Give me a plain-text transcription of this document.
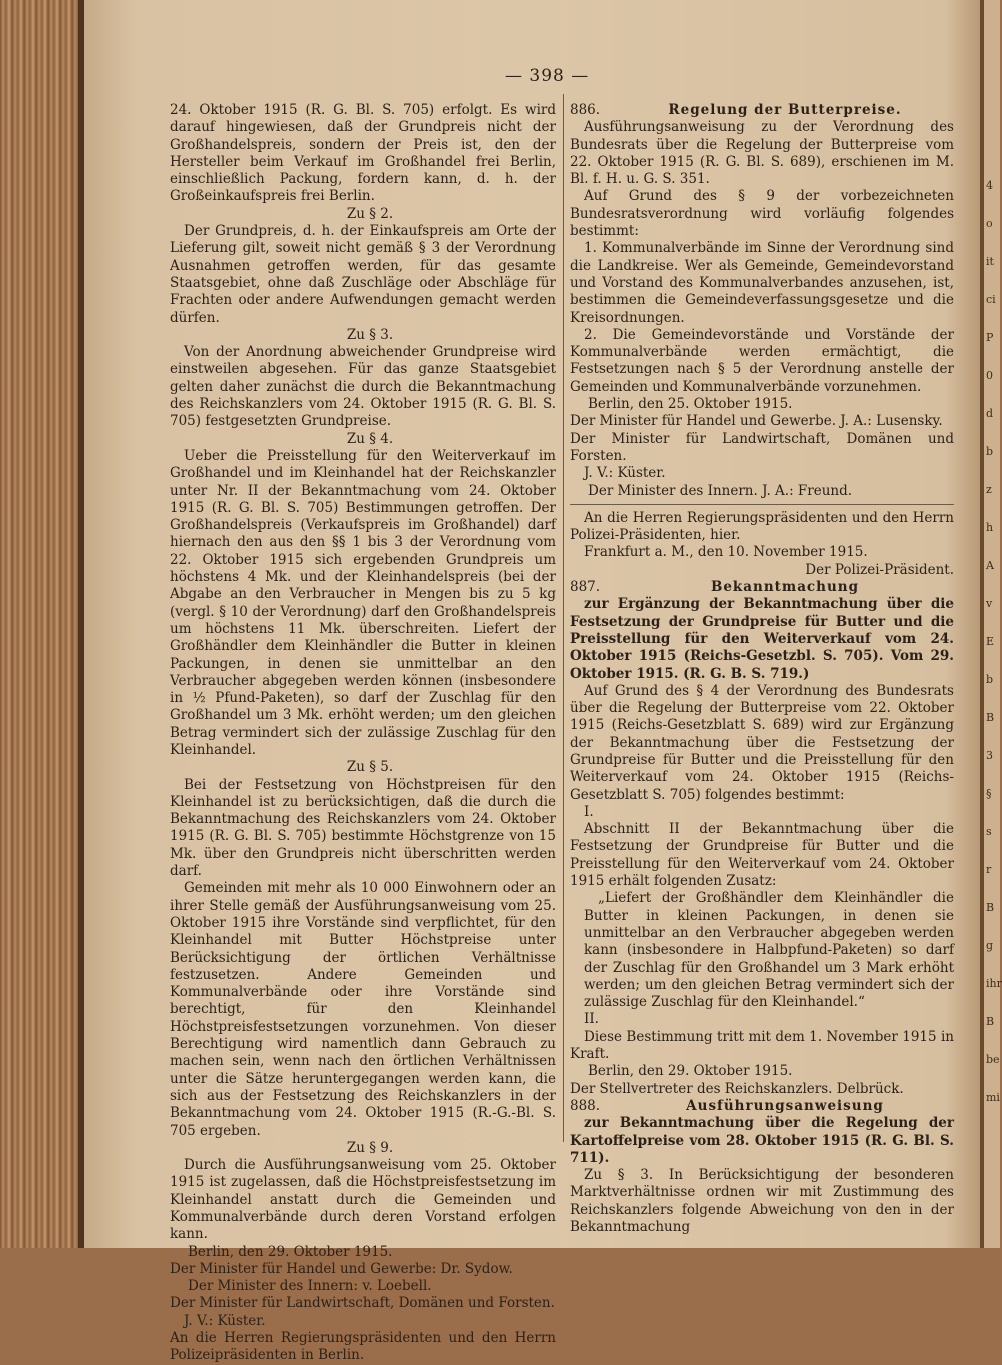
4
o
it
ci
P
0
d
b
z
h
A
v
E
b
B
3
§
s
r
B
g
ihr
B
be
mi
— 398 —

24. Oktober 1915 (R. G. Bl. S. 705) erfolgt. Es wird darauf hingewiesen, daß der Grundpreis nicht der Großhandelspreis, sondern der Preis ist, den der Hersteller beim Verkauf im Großhandel frei Berlin, einschließlich Packung, fordern kann, d. h. der Großeinkaufspreis frei Berlin.

Zu § 2.

Der Grundpreis, d. h. der Einkaufspreis am Orte der Lieferung gilt, soweit nicht gemäß § 3 der Verordnung Ausnahmen getroffen werden, für das gesamte Staatsgebiet, ohne daß Zuschläge oder Abschläge für Frachten oder andere Aufwendungen gemacht werden dürfen.

Zu § 3.

Von der Anordnung abweichender Grundpreise wird einstweilen abgesehen. Für das ganze Staatsgebiet gelten daher zunächst die durch die Bekanntmachung des Reichskanzlers vom 24. Oktober 1915 (R. G. Bl. S. 705) festgesetzten Grundpreise.

Zu § 4.

Ueber die Preisstellung für den Weiterverkauf im Großhandel und im Kleinhandel hat der Reichskanzler unter Nr. II der Bekanntmachung vom 24. Oktober 1915 (R. G. Bl. S. 705) Bestimmungen getroffen. Der Großhandelspreis (Verkaufspreis im Großhandel) darf hiernach den aus den §§ 1 bis 3 der Verordnung vom 22. Oktober 1915 sich ergebenden Grundpreis um höchstens 4 Mk. und der Kleinhandelspreis (bei der Abgabe an den Verbraucher in Mengen bis zu 5 kg (vergl. § 10 der Verordnung) darf den Großhandelspreis um höchstens 11 Mk. überschreiten. Liefert der Großhändler dem Kleinhändler die Butter in kleinen Packungen, in denen sie unmittelbar an den Verbraucher abgegeben werden können (insbesondere in ½ Pfund-Paketen), so darf der Zuschlag für den Großhandel um 3 Mk. erhöht werden; um den gleichen Betrag vermindert sich der zulässige Zuschlag für den Kleinhandel.

Zu § 5.

Bei der Festsetzung von Höchstpreisen für den Kleinhandel ist zu berücksichtigen, daß die durch die Bekanntmachung des Reichskanzlers vom 24. Oktober 1915 (R. G. Bl. S. 705) bestimmte Höchstgrenze von 15 Mk. über den Grundpreis nicht überschritten werden darf.

Gemeinden mit mehr als 10 000 Einwohnern oder an ihrer Stelle gemäß der Ausführungsanweisung vom 25. Oktober 1915 ihre Vorstände sind verpflichtet, für den Kleinhandel mit Butter Höchstpreise unter Berücksichtigung der örtlichen Verhältnisse festzusetzen. Andere Gemeinden und Kommunalverbände oder ihre Vorstände sind berechtigt, für den Kleinhandel Höchstpreisfestsetzungen vorzunehmen. Von dieser Berechtigung wird namentlich dann Gebrauch zu machen sein, wenn nach den örtlichen Verhältnissen unter die Sätze heruntergegangen werden kann, die sich aus der Festsetzung des Reichskanzlers in der Bekanntmachung vom 24. Oktober 1915 (R.-G.-Bl. S. 705 ergeben.

Zu § 9.

Durch die Ausführungsanweisung vom 25. Oktober 1915 ist zugelassen, daß die Höchstpreisfestsetzung im Kleinhandel anstatt durch die Gemeinden und Kommunalverbände durch deren Vorstand erfolgen kann.

Berlin, den 29. Oktober 1915.

Der Minister für Handel und Gewerbe: Dr. Sydow.

Der Minister des Innern: v. Loebell.

Der Minister für Landwirtschaft, Domänen und Forsten.

J. V.: Küster.

An die Herren Regierungspräsidenten und den Herrn Polizeipräsidenten in Berlin.

886.	Regelung der Butterpreise.

Ausführungsanweisung zu der Verordnung des Bundesrats über die Regelung der Butterpreise vom 22. Oktober 1915 (R. G. Bl. S. 689), erschienen im M. Bl. f. H. u. G. S. 351.

Auf Grund des § 9 der vorbezeichneten Bundesratsverordnung wird vorläufig folgendes bestimmt:

1. Kommunalverbände im Sinne der Verordnung sind die Landkreise. Wer als Gemeinde, Gemeindevorstand und Vorstand des Kommunalverbandes anzusehen, ist, bestimmen die Gemeindeverfassungsgesetze und die Kreisordnungen.

2. Die Gemeindevorstände und Vorstände der Kommunalverbände werden ermächtigt, die Festsetzungen nach § 5 der Verordnung anstelle der Gemeinden und Kommunalverbände vorzunehmen.

Berlin, den 25. Oktober 1915.

Der Minister für Handel und Gewerbe. J. A.: Lusensky.

Der Minister für Landwirtschaft, Domänen und Forsten.

J. V.: Küster.

Der Minister des Innern. J. A.: Freund.

An die Herren Regierungspräsidenten und den Herrn Polizei-Präsidenten, hier.

Frankfurt a. M., den 10. November 1915.

Der Polizei-Präsident.

887.	Bekanntmachung

zur Ergänzung der Bekanntmachung über die Festsetzung der Grundpreise für Butter und die Preisstellung für den Weiterverkauf vom 24. Oktober 1915 (Reichs-Gesetzbl. S. 705). Vom 29. Oktober 1915. (R. G. B. S. 719.)

Auf Grund des § 4 der Verordnung des Bundesrats über die Regelung der Butterpreise vom 22. Oktober 1915 (Reichs-Gesetzblatt S. 689) wird zur Ergänzung der Bekanntmachung über die Festsetzung der Grundpreise für Butter und die Preisstellung für den Weiterverkauf vom 24. Oktober 1915 (Reichs-Gesetzblatt S. 705) folgendes bestimmt:

I.

Abschnitt II der Bekanntmachung über die Festsetzung der Grundpreise für Butter und die Preisstellung für den Weiterverkauf vom 24. Oktober 1915 erhält folgenden Zusatz:

„Liefert der Großhändler dem Kleinhändler die Butter in kleinen Packungen, in denen sie unmittelbar an den Verbraucher abgegeben werden kann (insbesondere in Halbpfund-Paketen) so darf der Zuschlag für den Großhandel um 3 Mark erhöht werden; um den gleichen Betrag vermindert sich der zulässige Zuschlag für den Kleinhandel.“

II.

Diese Bestimmung tritt mit dem 1. November 1915 in Kraft.

Berlin, den 29. Oktober 1915.

Der Stellvertreter des Reichskanzlers. Delbrück.

888.	Ausführungsanweisung

zur Bekanntmachung über die Regelung der Kartoffelpreise vom 28. Oktober 1915 (R. G. Bl. S. 711).

Zu § 3. In Berücksichtigung der besonderen Marktverhältnisse ordnen wir mit Zustimmung des Reichskanzlers folgende Abweichung von den in der Bekanntmachung
